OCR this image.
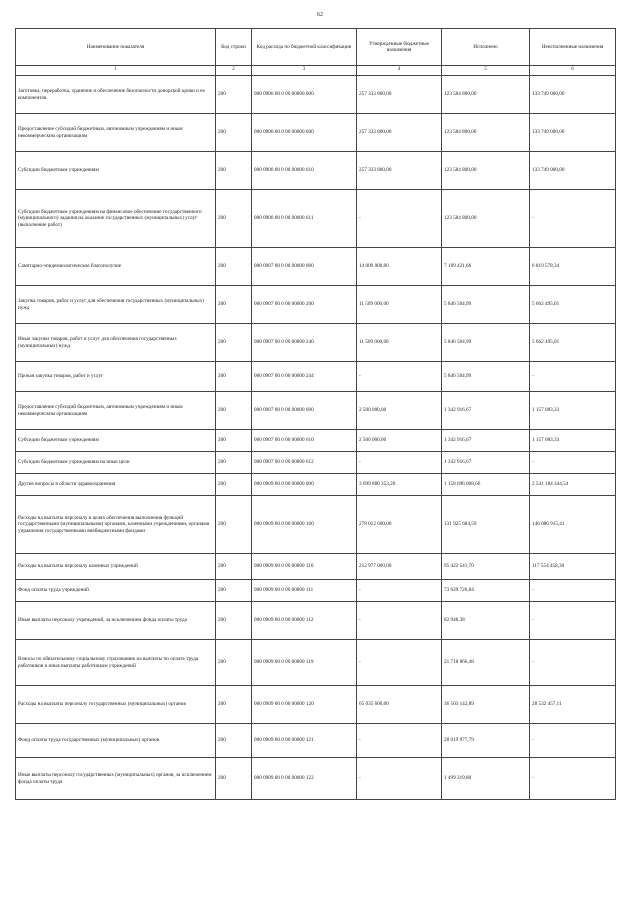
62
Наименование показателя	Код строки	Код расхода по бюджетной классификации	Утвержденные бюджетные назначения	Исполнено	Неисполненные назначения
1	2	3	4	5	6
Заготовка, переработка, хранение и обеспечение безопасности донорской крови и ее компонентов	200	000 0906 00 0 00 00000 000	257 333 800,00	123 584 800,00	133 749 000,00
Предоставление субсидий бюджетным, автономным учреждениям и иным некоммерческим организациям	200	000 0906 00 0 00 00000 600	257 333 800,00	123 584 800,00	133 749 000,00
Субсидии бюджетным учреждениям	200	000 0906 00 0 00 00000 610	257 333 800,00	123 584 800,00	133 749 000,00
Субсидии бюджетным учреждениям на финансовое обеспечение государственного (муниципального) задания на оказание государственных (муниципальных) услуг (выполнение работ)	200	000 0906 00 0 00 00000 611	-	123 584 800,00	-
Санитарно-эпидемиологическое благополучие	200	000 0907 00 0 00 00000 000	14 009 000,00	7 189 421,66	6 819 578,34
Закупка товаров, работ и услуг для обеспечения государственных (муниципальных) нужд	200	000 0907 00 0 00 00000 200	11 509 000,00	5 846 504,99	5 662 495,01
Иные закупки товаров, работ и услуг для обеспечения государственных (муниципальных) нужд	200	000 0907 00 0 00 00000 240	11 509 000,00	5 846 504,99	5 662 495,01
Прочая закупка товаров, работ и услуг	200	000 0907 00 0 00 00000 244	-	5 846 504,99	-
Предоставление субсидий бюджетным, автономным учреждениям и иным некоммерческим организациям	200	000 0907 00 0 00 00000 600	2 500 000,00	1 342 916,67	1 157 083,33
Субсидии бюджетным учреждениям	200	000 0907 00 0 00 00000 610	2 500 000,00	1 342 916,67	1 157 083,33
Субсидии бюджетным учреждениям на иные цели	200	000 0907 00 0 00 00000 612	-	1 342 916,67	-
Другие вопросы в области здравоохранения	200	000 0909 00 0 00 00000 000	3 699 880 353,20	1 158 696 008,66	2 541 184 344,54
Расходы на выплаты персоналу в целях обеспечения выполнения функций государственными (муниципальными) органами, казенными учреждениями, органами управления государственными внебюджетными фондами	200	000 0909 00 0 00 00000 100	278 012 600,00	131 925 684,59	146 086 915,41
Расходы на выплаты персоналу казенных учреждений	200	000 0909 00 0 00 00000 110	212 977 000,00	95 422 541,70	117 554 458,30
Фонд оплаты труда учреждений	200	000 0909 00 0 00 00000 111	-	73 620 726,84	-
Иные выплаты персоналу учреждений, за исключением фонда оплаты труда	200	000 0909 00 0 00 00000 112	-	82 948,38	-
Взносы по обязательному социальному страхованию на выплаты по оплате труда работников и иные выплаты работникам учреждений	200	000 0909 00 0 00 00000 119	-	21 718 866,48	-
Расходы на выплаты персоналу государственных (муниципальных) органов	200	000 0909 00 0 00 00000 120	65 035 600,00	36 503 142,89	28 532 457,11
Фонд оплаты труда государственных (муниципальных) органов	200	000 0909 00 0 00 00000 121	-	28 019 977,79	-
Иные выплаты персоналу государственных (муниципальных) органов, за исключением фонда оплаты труда	200	000 0909 00 0 00 00000 122	-	1 499 319,80	-
